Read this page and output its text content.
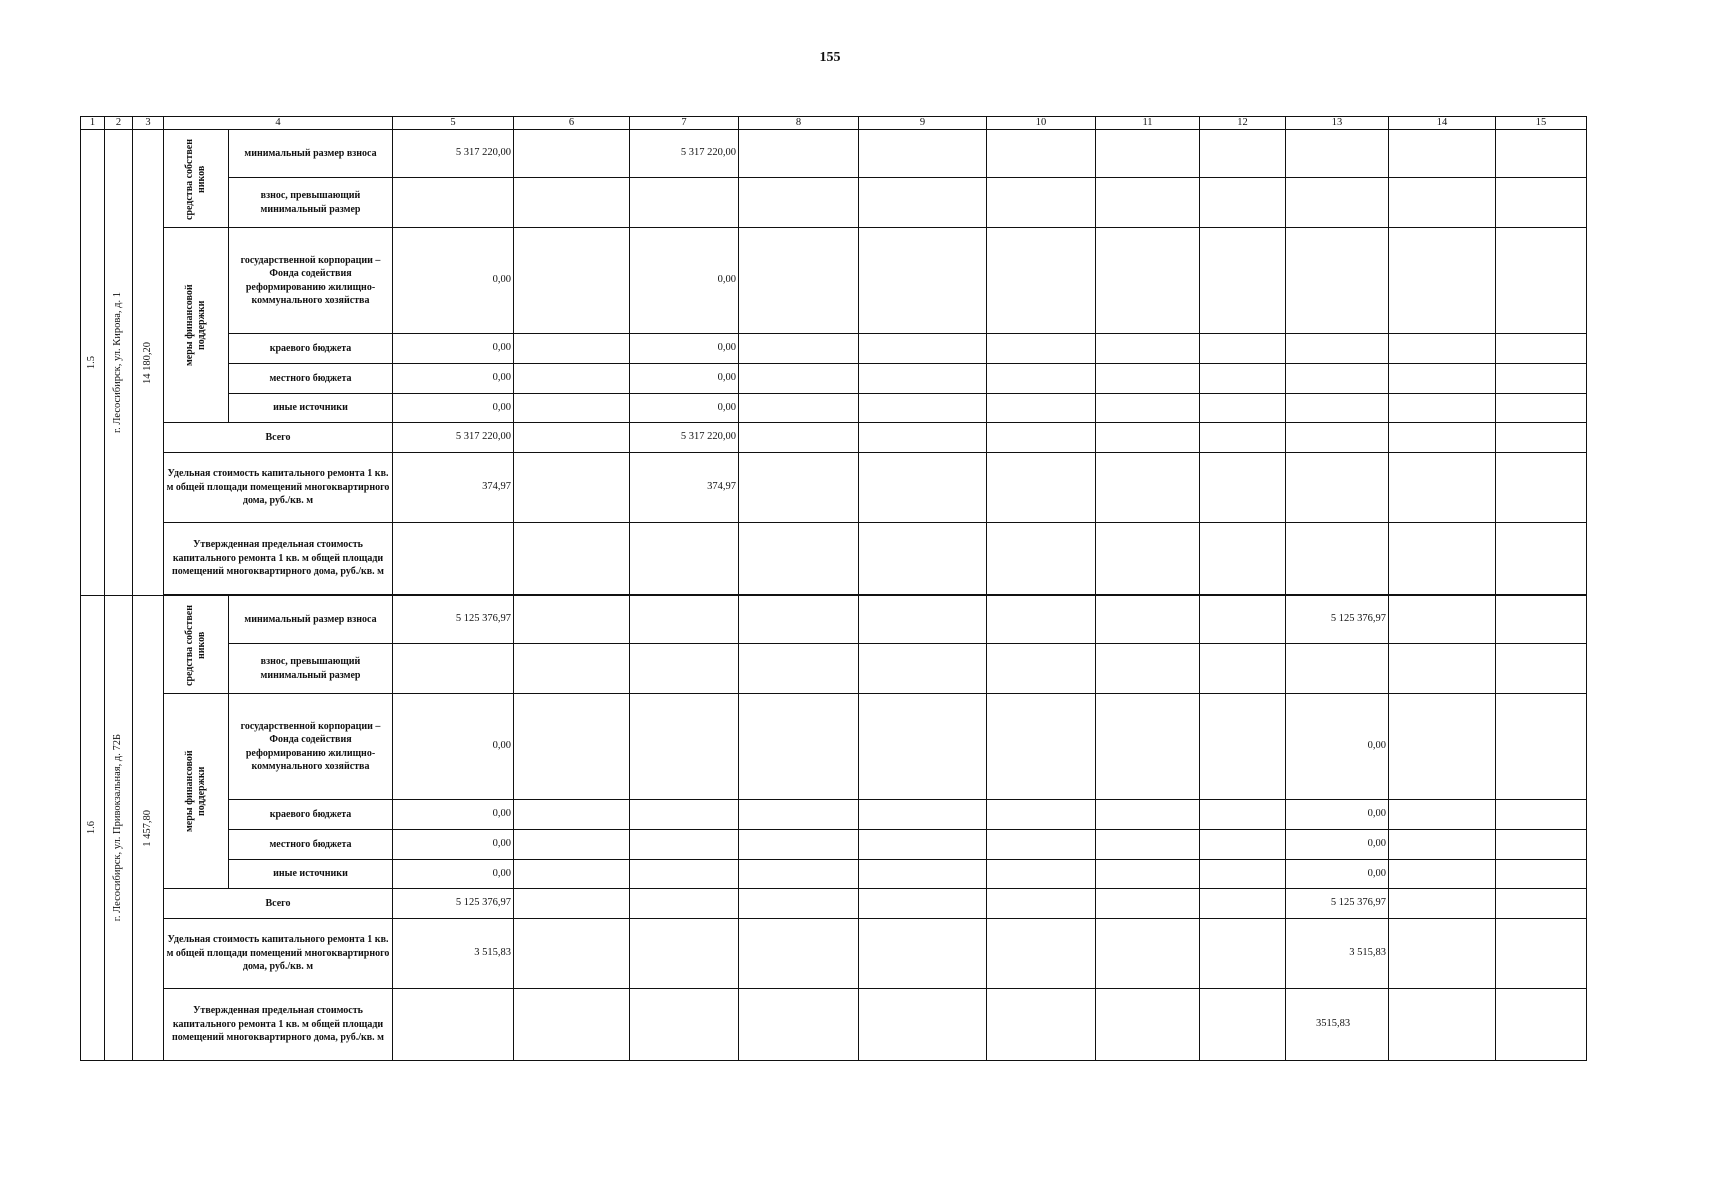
155
1	2	3	4		5	6	7	8	9	10	11	12	13	14	15

1.5	г. Лесосибирск, ул. Кирова, д. 1	14 180,20	средства собствен ников	минимальный размер взноса	5 317 220,00		5 317 220,00								
				взнос, превышающий минимальный размер											

			меры финансовой поддержки	государственной корпорации – Фонда содействия реформированию жилищно-коммунального хозяйства	0,00		0,00								
				краевого бюджета	0,00		0,00								
				местного бюджета	0,00		0,00								
				иные источники	0,00		0,00								
			Всего		5 317 220,00		5 317 220,00								
			Удельная стоимость капитального ремонта 1 кв. м общей площади помещений многоквартирного дома, руб./кв. м		374,97		374,97								
			Утвержденная предельная стоимость капитального ремонта 1 кв. м общей площади помещений многоквартирного дома, руб./кв. м												

1.6	г. Лесосибирск, ул. Привокзальная, д. 72Б	1 457,80	средства собствен ников	минимальный размер взноса	5 125 376,97								5 125 376,97		
				взнос, превышающий минимальный размер											

			меры финансовой поддержки	государственной корпорации – Фонда содействия реформированию жилищно-коммунального хозяйства	0,00								0,00		
				краевого бюджета	0,00								0,00		
				местного бюджета	0,00								0,00		
				иные источники	0,00								0,00		
			Всего		5 125 376,97								5 125 376,97		
			Удельная стоимость капитального ремонта 1 кв. м общей площади помещений многоквартирного дома, руб./кв. м		3 515,83								3 515,83		
			Утвержденная предельная стоимость капитального ремонта 1 кв. м общей площади помещений многоквартирного дома, руб./кв. м										3515,83		
